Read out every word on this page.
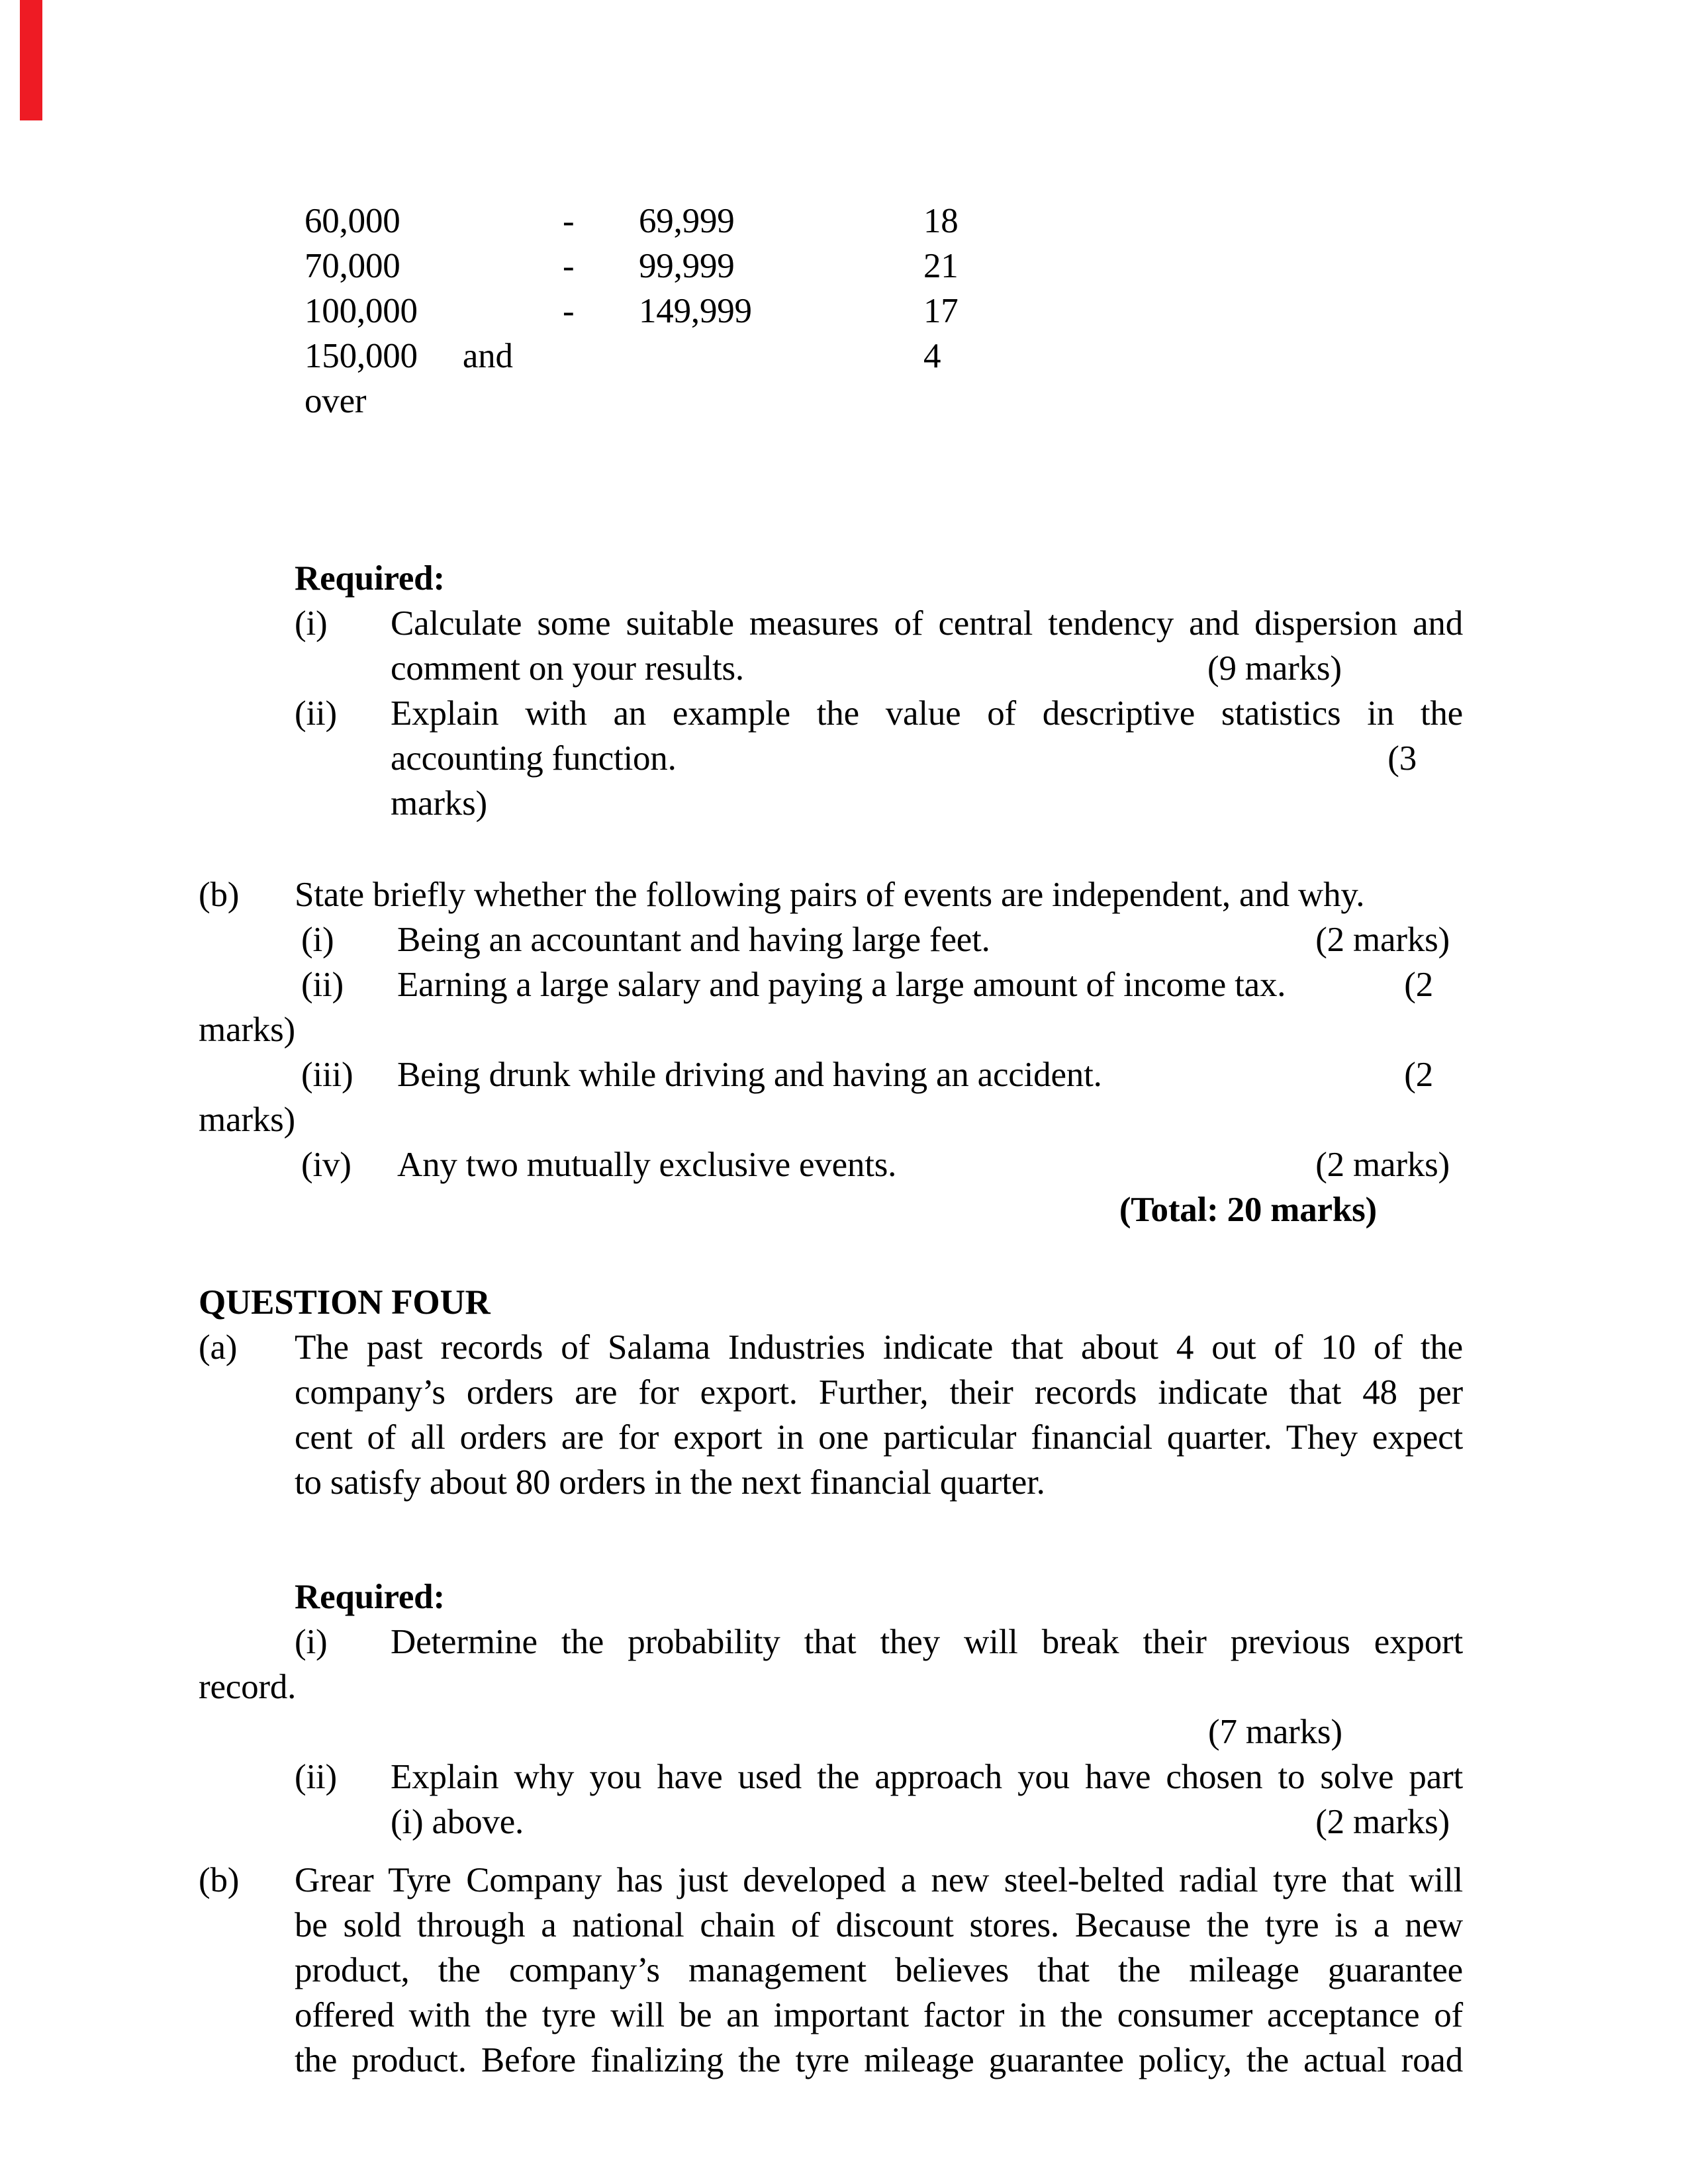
60,000	-	69,999	18
70,000	-	99,999	21
100,000	-	149,999	17
150,000 and	4
over
Required:
(i)	Calculate some suitable measures of central tendency and dispersion and
comment on your results.	(9 marks)
(ii)	Explain with an example the value of descriptive statistics in the
accounting function.	(3
marks)
(b)	State briefly whether the following pairs of events are independent, and why.
(i)	Being an accountant and having large feet.	(2 marks)
(ii)	Earning a large salary and paying a large amount of income tax.	(2
marks)
(iii)	Being drunk while driving and having an accident.	(2
marks)
(iv)	Any two mutually exclusive events.	(2 marks)
(Total: 20 marks)
QUESTION FOUR
(a)	The past records of Salama Industries indicate that about 4 out of 10 of the
company’s orders are for export. Further, their records indicate that 48 per
cent of all orders are for export in one particular financial quarter. They expect
to satisfy about 80 orders in the next financial quarter.
Required:
(i)	Determine the probability that they will break their previous export
record.
(7 marks)
(ii)	Explain why you have used the approach you have chosen to solve part
(i) above.	(2 marks)
(b)	Grear Tyre Company has just developed a new steel-belted radial tyre that will
be sold through a national chain of discount stores. Because the tyre is a new
product, the company’s management believes that the mileage guarantee
offered with the tyre will be an important factor in the consumer acceptance of
the product. Before finalizing the tyre mileage guarantee policy, the actual road
